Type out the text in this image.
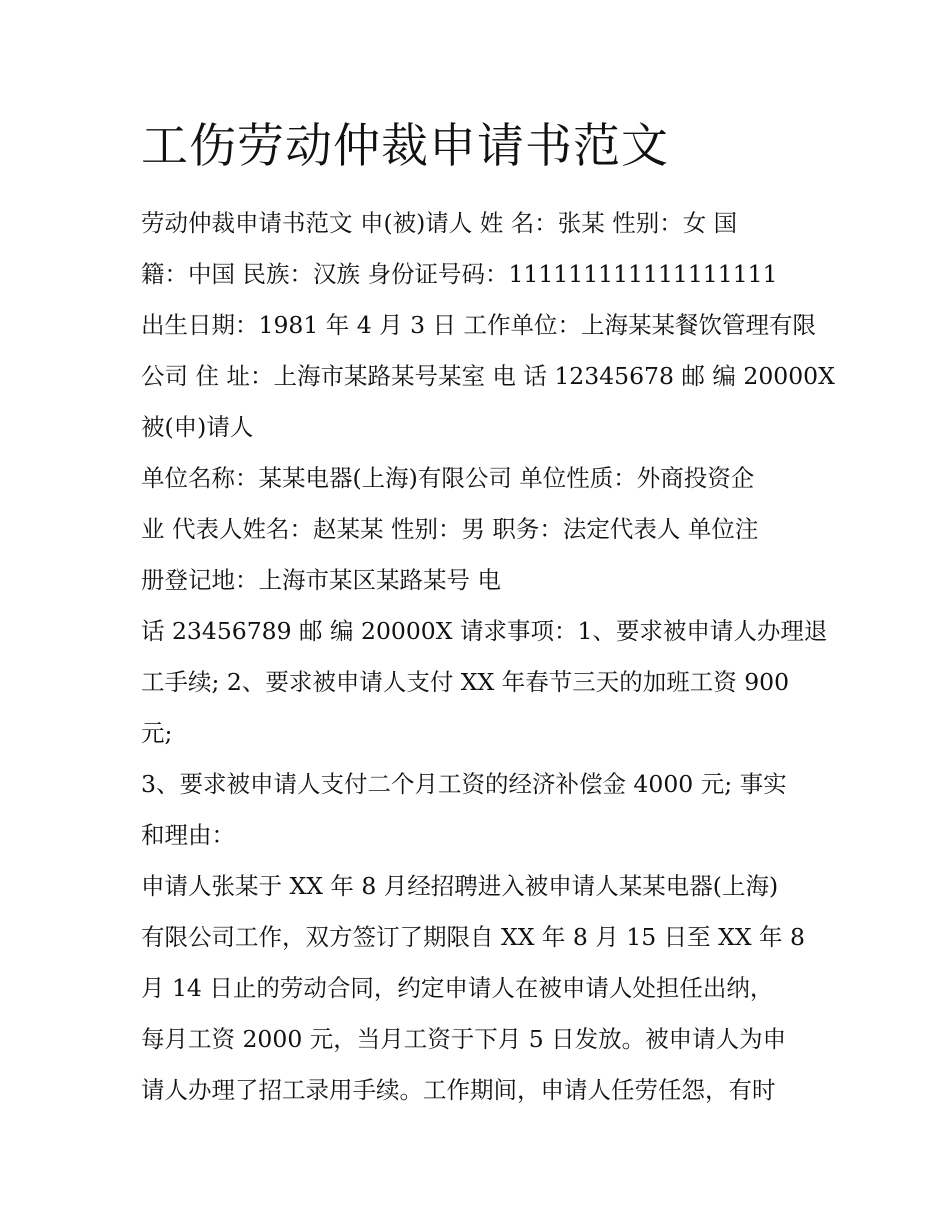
工伤劳动仲裁申请书范文
劳动仲裁申请书范文 申(被)请人 姓 名：张某 性别：女 国
籍：中国 民族：汉族 身份证号码：111111111111111111
出生日期：1981 年 4 月 3 日 工作单位：上海某某餐饮管理有限
公司 住 址：上海市某路某号某室 电 话 12345678 邮 编 20000X
被(申)请人
单位名称：某某电器(上海)有限公司 单位性质：外商投资企
业 代表人姓名：赵某某 性别：男 职务：法定代表人 单位注
册登记地：上海市某区某路某号 电
话 23456789 邮 编 20000X 请求事项：1、要求被申请人办理退
工手续; 2、要求被申请人支付 XX 年春节三天的加班工资 900
元;
3、要求被申请人支付二个月工资的经济补偿金 4000 元; 事实
和理由：
申请人张某于 XX 年 8 月经招聘进入被申请人某某电器(上海)
有限公司工作，双方签订了期限自 XX 年 8 月 15 日至 XX 年 8
月 14 日止的劳动合同，约定申请人在被申请人处担任出纳，
每月工资 2000 元，当月工资于下月 5 日发放。被申请人为申
请人办理了招工录用手续。工作期间，申请人任劳任怨，有时
